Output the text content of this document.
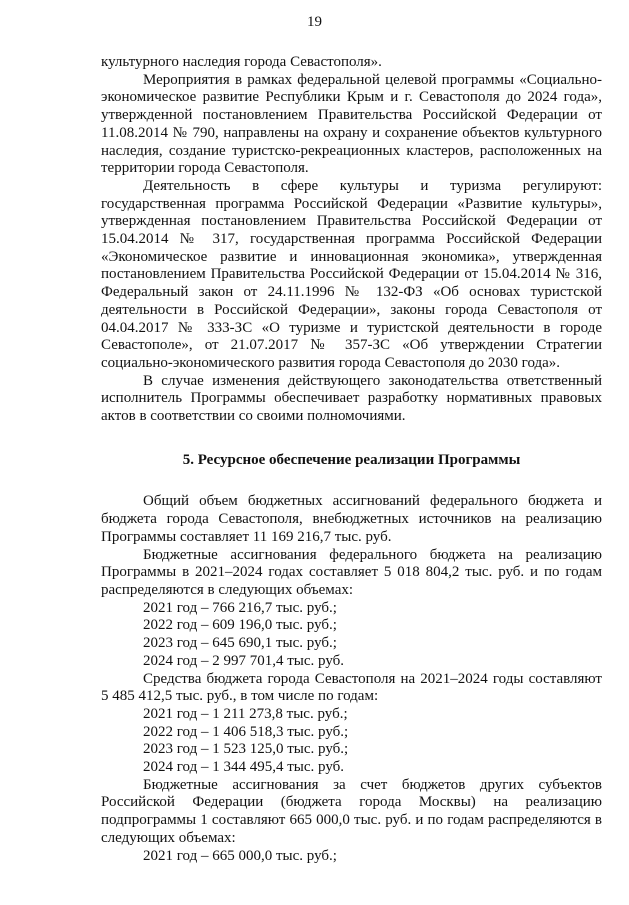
19

культурного наследия города Севастополя».

Мероприятия в рамках федеральной целевой программы «Социально-экономическое развитие Республики Крым и г. Севастополя до 2024 года», утвержденной постановлением Правительства Российской Федерации от 11.08.2014 № 790, направлены на охрану и сохранение объектов культурного наследия, создание туристско-рекреационных кластеров, расположенных на территории города Севастополя.

Деятельность в сфере культуры и туризма регулируют: государственная программа Российской Федерации «Развитие культуры», утвержденная постановлением Правительства Российской Федерации от 15.04.2014 № 317, государственная программа Российской Федерации «Экономическое развитие и инновационная экономика», утвержденная постановлением Правительства Российской Федерации от 15.04.2014 № 316, Федеральный закон от 24.11.1996 № 132-ФЗ «Об основах туристской деятельности в Российской Федерации», законы города Севастополя от 04.04.2017 № 333-ЗС «О туризме и туристской деятельности в городе Севастополе», от 21.07.2017 № 357-ЗС «Об утверждении Стратегии социально-экономического развития города Севастополя до 2030 года».

В случае изменения действующего законодательства ответственный исполнитель Программы обеспечивает разработку нормативных правовых актов в соответствии со своими полномочиями.

5. Ресурсное обеспечение реализации Программы

Общий объем бюджетных ассигнований федерального бюджета и бюджета города Севастополя, внебюджетных источников на реализацию Программы составляет 11 169 216,7 тыс. руб.

Бюджетные ассигнования федерального бюджета на реализацию Программы в 2021–2024 годах составляет 5 018 804,2 тыс. руб. и по годам распределяются в следующих объемах:

2021 год – 766 216,7 тыс. руб.;

2022 год – 609 196,0 тыс. руб.;

2023 год – 645 690,1 тыс. руб.;

2024 год – 2 997 701,4 тыс. руб.

Средства бюджета города Севастополя на 2021–2024 годы составляют 5 485 412,5 тыс. руб., в том числе по годам:

2021 год – 1 211 273,8 тыс. руб.;

2022 год – 1 406 518,3 тыс. руб.;

2023 год – 1 523 125,0 тыс. руб.;

2024 год – 1 344 495,4 тыс. руб.

Бюджетные ассигнования за счет бюджетов других субъектов Российской Федерации (бюджета города Москвы) на реализацию подпрограммы 1 составляют 665 000,0 тыс. руб. и по годам распределяются в следующих объемах:

2021 год – 665 000,0 тыс. руб.;
